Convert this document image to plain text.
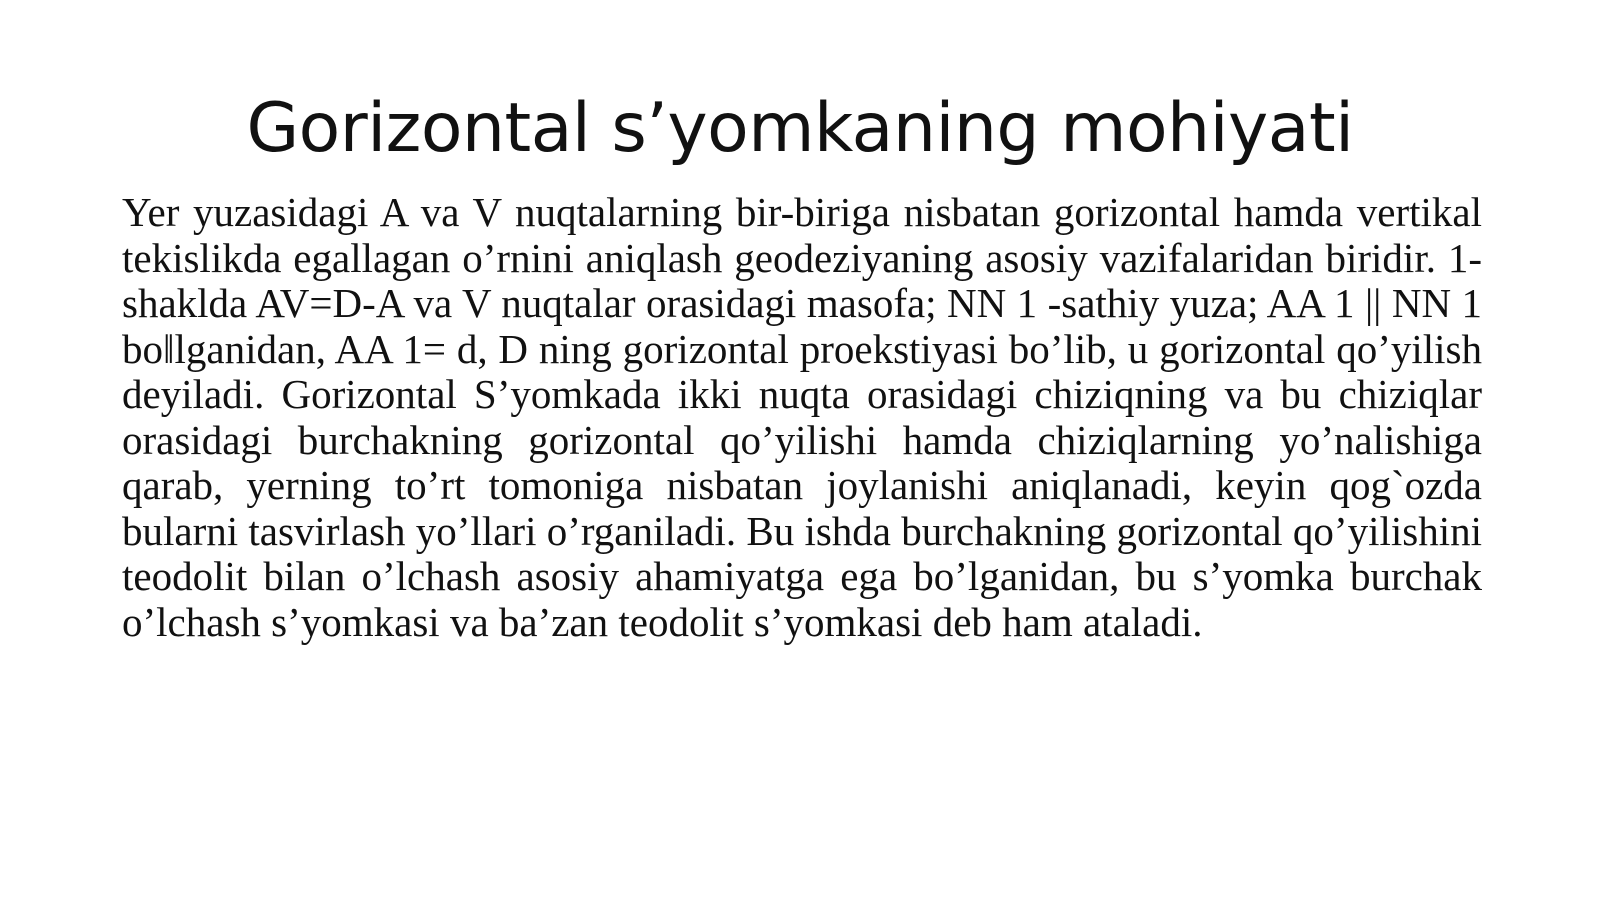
Gorizontal s’yomkaning mohiyati

Yer yuzasidagi A va V nuqtalarning bir-biriga nisbatan gorizontal hamda vertikal tekislikda egallagan o’rnini aniqlash geodeziyaning asosiy vazifalaridan biridir. 1-shaklda AV=D-A va V nuqtalar orasidagi masofa; NN 1 -sathiy yuza; AA 1 || NN 1 bo‖lganidan, AA 1= d, D ning gorizontal proekstiyasi bo’lib, u gorizontal qo’yilish deyiladi. Gorizontal S’yomkada ikki nuqta orasidagi chiziqning va bu chiziqlar orasidagi burchakning gorizontal qo’yilishi hamda chiziqlarning yo’nalishiga qarab, yerning to’rt tomoniga nisbatan joylanishi aniqlanadi, keyin qog`ozda bularni tasvirlash yo’llari o’rganiladi. Bu ishda burchakning gorizontal qo’yilishini teodolit bilan o’lchash asosiy ahamiyatga ega bo’lganidan, bu s’yomka burchak o’lchash s’yomkasi va ba’zan teodolit s’yomkasi deb ham ataladi.
